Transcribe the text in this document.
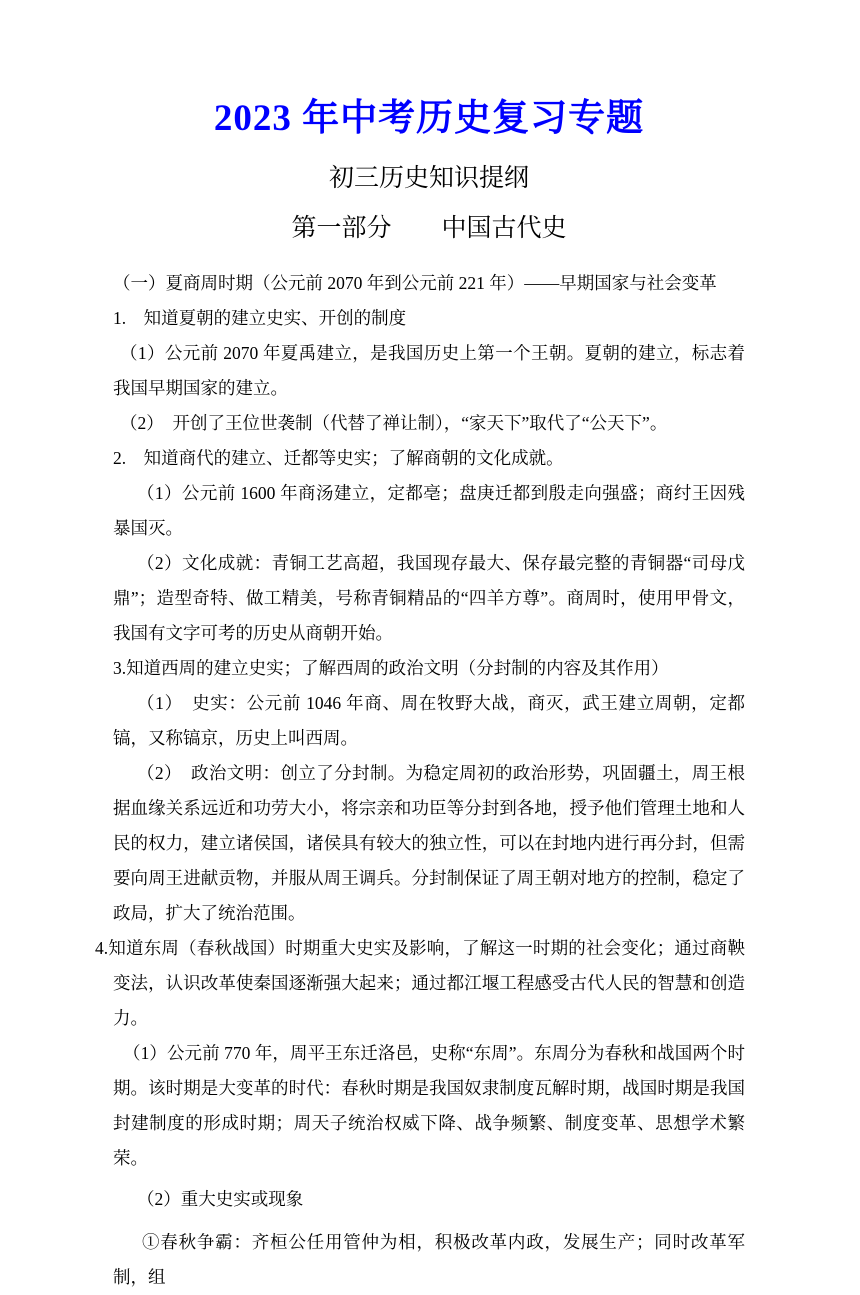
2023 年中考历史复习专题
初三历史知识提纲
第一部分　　中国古代史

（一）夏商周时期（公元前 2070 年到公元前 221 年）——早期国家与社会变革

1.　知道夏朝的建立史实、开创的制度

（1）公元前 2070 年夏禹建立，是我国历史上第一个王朝。夏朝的建立，标志着我国早期国家的建立。

（2）　开创了王位世袭制（代替了禅让制），“家天下”取代了“公天下”。

2.　知道商代的建立、迁都等史实；了解商朝的文化成就。

（1）公元前 1600 年商汤建立，定都亳；盘庚迁都到殷走向强盛；商纣王因残暴国灭。

（2）文化成就：青铜工艺高超，我国现存最大、保存最完整的青铜器“司母戊鼎”；造型奇特、做工精美，号称青铜精品的“四羊方尊”。商周时，使用甲骨文，我国有文字可考的历史从商朝开始。

3.知道西周的建立史实；了解西周的政治文明（分封制的内容及其作用）

（1）　史实：公元前 1046 年商、周在牧野大战，商灭，武王建立周朝，定都镐，又称镐京，历史上叫西周。

（2）　政治文明：创立了分封制。为稳定周初的政治形势，巩固疆土，周王根据血缘关系远近和功劳大小，将宗亲和功臣等分封到各地，授予他们管理土地和人民的权力，建立诸侯国，诸侯具有较大的独立性，可以在封地内进行再分封，但需要向周王进献贡物，并服从周王调兵。分封制保证了周王朝对地方的控制，稳定了政局，扩大了统治范围。

4.知道东周（春秋战国）时期重大史实及影响，了解这一时期的社会变化；通过商鞅变法，认识改革使秦国逐渐强大起来；通过都江堰工程感受古代人民的智慧和创造力。

（1）公元前 770 年，周平王东迁洛邑，史称“东周”。东周分为春秋和战国两个时期。该时期是大变革的时代：春秋时期是我国奴隶制度瓦解时期，战国时期是我国封建制度的形成时期；周天子统治权威下降、战争频繁、制度变革、思想学术繁荣。

（2）重大史实或现象

①春秋争霸：齐桓公任用管仲为相，积极改革内政，发展生产；同时改革军制，组
